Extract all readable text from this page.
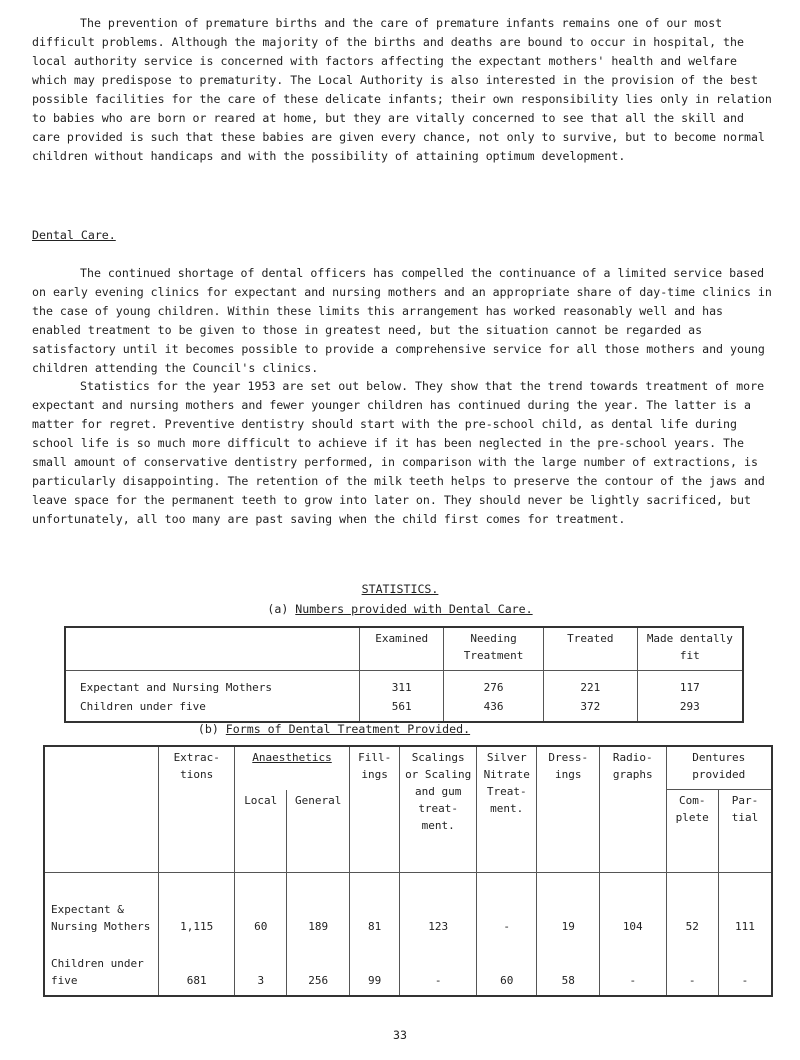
The prevention of premature births and the care of premature infants remains one of our most difficult problems. Although the majority of the births and deaths are bound to occur in hospital, the local authority service is concerned with factors affecting the expectant mothers' health and welfare which may predispose to prematurity. The Local Authority is also interested in the provision of the best possible facilities for the care of these delicate infants; their own responsibility lies only in relation to babies who are born or reared at home, but they are vitally concerned to see that all the skill and care provided is such that these babies are given every chance, not only to survive, but to become normal children without handicaps and with the possibility of attaining optimum development.

Dental Care.

The continued shortage of dental officers has compelled the continuance of a limited service based on early evening clinics for expectant and nursing mothers and an appropriate share of day-time clinics in the case of young children. Within these limits this arrangement has worked reasonably well and has enabled treatment to be given to those in greatest need, but the situation cannot be regarded as satisfactory until it becomes possible to provide a comprehensive service for all those mothers and young children attending the Council's clinics.

Statistics for the year 1953 are set out below. They show that the trend towards treatment of more expectant and nursing mothers and fewer younger children has continued during the year. The latter is a matter for regret. Preventive dentistry should start with the pre-school child, as dental life during school life is so much more difficult to achieve if it has been neglected in the pre-school years. The small amount of conservative dentistry performed, in comparison with the large number of extractions, is particularly disappointing. The retention of the milk teeth helps to preserve the contour of the jaws and leave space for the permanent teeth to grow into later on. They should never be lightly sacrificed, but unfortunately, all too many are past saving when the child first comes for treatment.

STATISTICS.
(a) Numbers provided with Dental Care.
	Examined	Needing Treatment	Treated	Made dentally fit
Expectant and Nursing Mothers	311	276	221	117
Children under five	561	436	372	293
(b) Forms of Dental Treatment Provided.
	Extrac- tions	Anaesthetics		Fill- ings	Scalings or Scaling and gum treat- ment.	Silver Nitrate Treat- ment.	Dress- ings	Radio- graphs	Dentures provided	
		Local	General						Com- plete	Par- tial
Expectant & Nursing Mothers	1,115	60	189	81	123	-	19	104	52	111
Children under five	681	3	256	99	-	60	58	-	-	-
33
